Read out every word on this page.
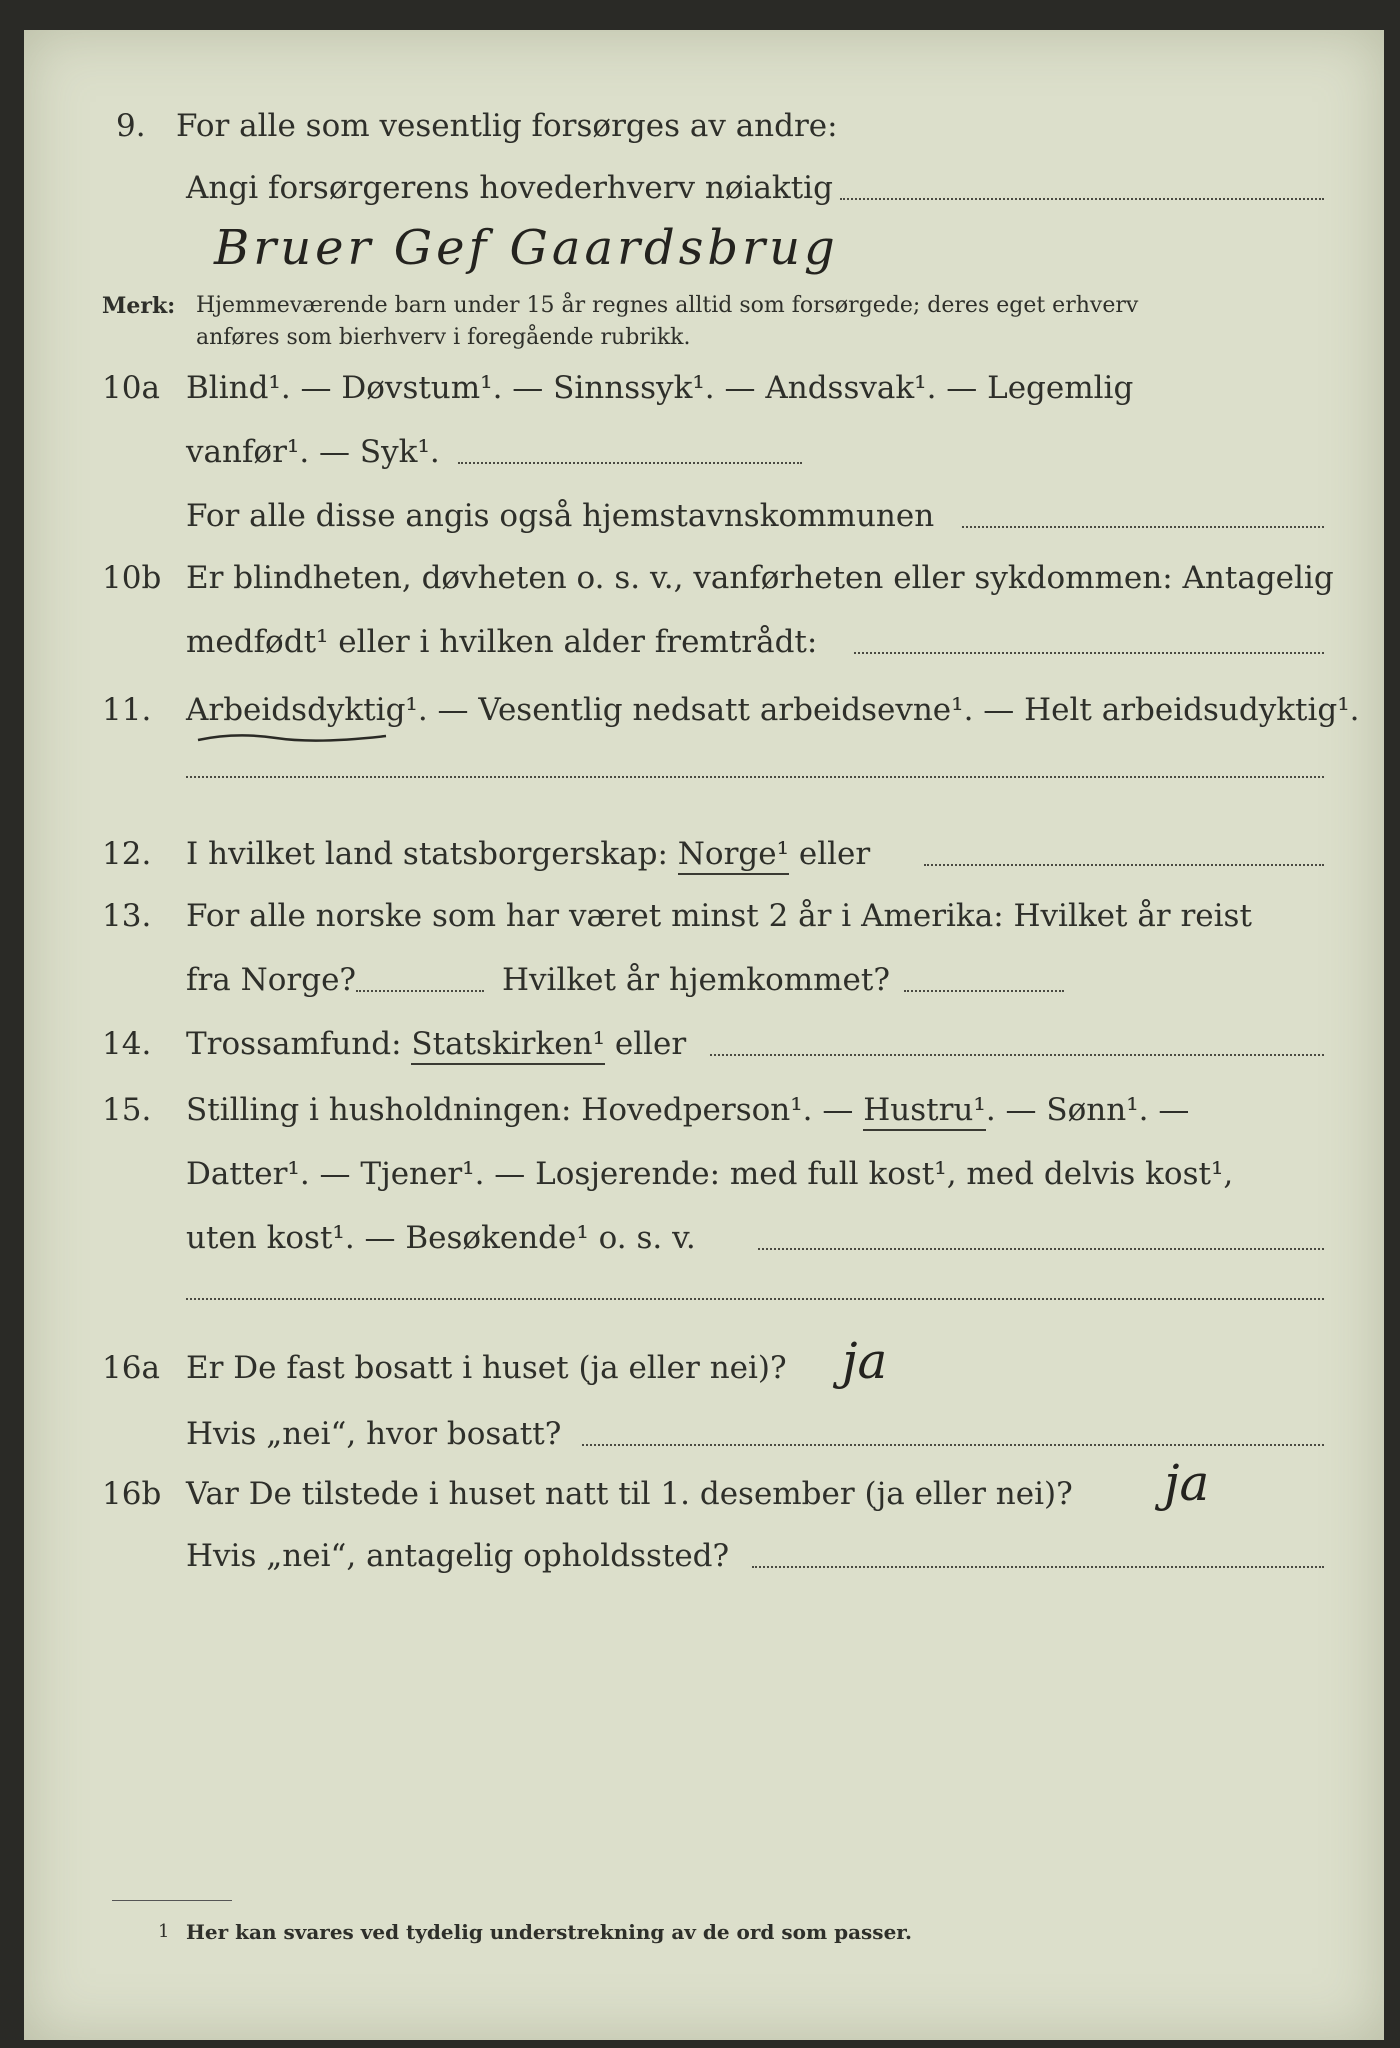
9. For alle som vesentlig forsørges av andre:
Angi forsørgerens hovederhverv nøiaktig
Bruer Gef Gaardsbrug
Merk: Hjemmeværende barn under 15 år regnes alltid som forsørgede; deres eget erhverv
anføres som bierhverv i foregående rubrikk.
10a Blind¹. — Døvstum¹. — Sinnssyk¹. — Andssvak¹. — Legemlig
vanfør¹. — Syk¹.
For alle disse angis også hjemstavnskommunen
10b Er blindheten, døvheten o. s. v., vanførheten eller sykdommen: Antagelig
medfødt¹ eller i hvilken alder fremtrådt:
11. Arbeidsdyktig¹. — Vesentlig nedsatt arbeidsevne¹. — Helt arbeidsudyktig¹.
12. I hvilket land statsborgerskap: Norge¹ eller
13. For alle norske som har været minst 2 år i Amerika: Hvilket år reist
fra Norge?	Hvilket år hjemkommet?
14. Trossamfund: Statskirken¹ eller
15. Stilling i husholdningen: Hovedperson¹. — Hustru¹. — Sønn¹. —
Datter¹. — Tjener¹. — Losjerende: med full kost¹, med delvis kost¹,
uten kost¹. — Besøkende¹ o. s. v.
16a Er De fast bosatt i huset (ja eller nei)? ja
Hvis „nei“, hvor bosatt?
16b Var De tilstede i huset natt til 1. desember (ja eller nei)? ja
Hvis „nei“, antagelig opholdssted?
1 Her kan svares ved tydelig understrekning av de ord som passer.
